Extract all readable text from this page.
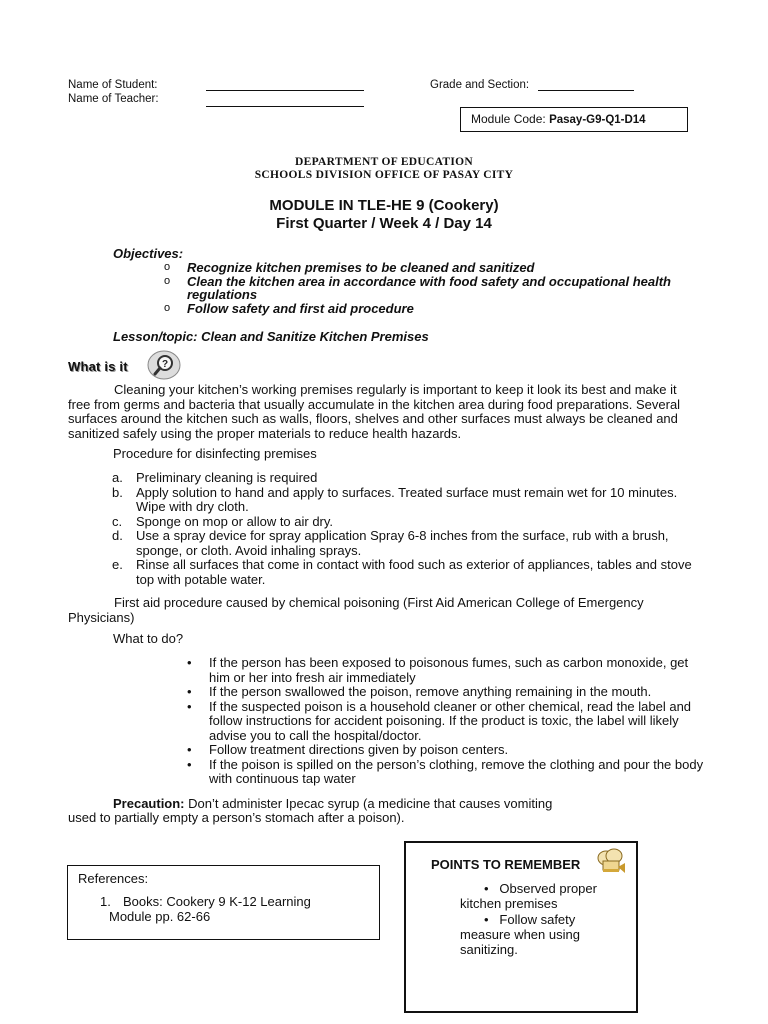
Name of Student:
Name of Teacher:
Grade and Section:
Module Code: Pasay-G9-Q1-D14
DEPARTMENT OF EDUCATION
SCHOOLS DIVISION OFFICE OF PASAY CITY
MODULE IN TLE-HE 9 (Cookery)
First Quarter / Week 4 / Day 14
Objectives:
o Recognize kitchen premises to be cleaned and sanitized
o Clean the kitchen area in accordance with food safety and occupational health regulations
o Follow safety and first aid procedure
Lesson/topic: Clean and Sanitize Kitchen Premises
What is it	?
Cleaning your kitchen’s working premises regularly is important to keep it look its best and make it free from germs and bacteria that usually accumulate in the kitchen area during food preparations. Several surfaces around the kitchen such as walls, floors, shelves and other surfaces must always be cleaned and sanitized safely using the proper materials to reduce health hazards.
Procedure for disinfecting premises
a. Preliminary cleaning is required
b. Apply solution to hand and apply to surfaces. Treated surface must remain wet for 10 minutes. Wipe with dry cloth.
c. Sponge on mop or allow to air dry.
d. Use a spray device for spray application Spray 6-8 inches from the surface, rub with a brush, sponge, or cloth. Avoid inhaling sprays.
e. Rinse all surfaces that come in contact with food such as exterior of appliances, tables and stove top with potable water.
First aid procedure caused by chemical poisoning (First Aid American College of Emergency Physicians)
What to do?
• If the person has been exposed to poisonous fumes, such as carbon monoxide, get him or her into fresh air immediately
• If the person swallowed the poison, remove anything remaining in the mouth.
• If the suspected poison is a household cleaner or other chemical, read the label and follow instructions for accident poisoning. If the product is toxic, the label will likely advise you to call the hospital/doctor.
• Follow treatment directions given by poison centers.
• If the poison is spilled on the person’s clothing, remove the clothing and pour the body with continuous tap water
Precaution: Don’t administer Ipecac syrup (a medicine that causes vomiting
used to partially empty a person’s stomach after a poison).
References:
1. Books: Cookery 9 K-12 Learning
Module pp. 62-66
POINTS TO REMEMBER
• Observed proper
kitchen premises
• Follow safety
measure when using
sanitizing.
